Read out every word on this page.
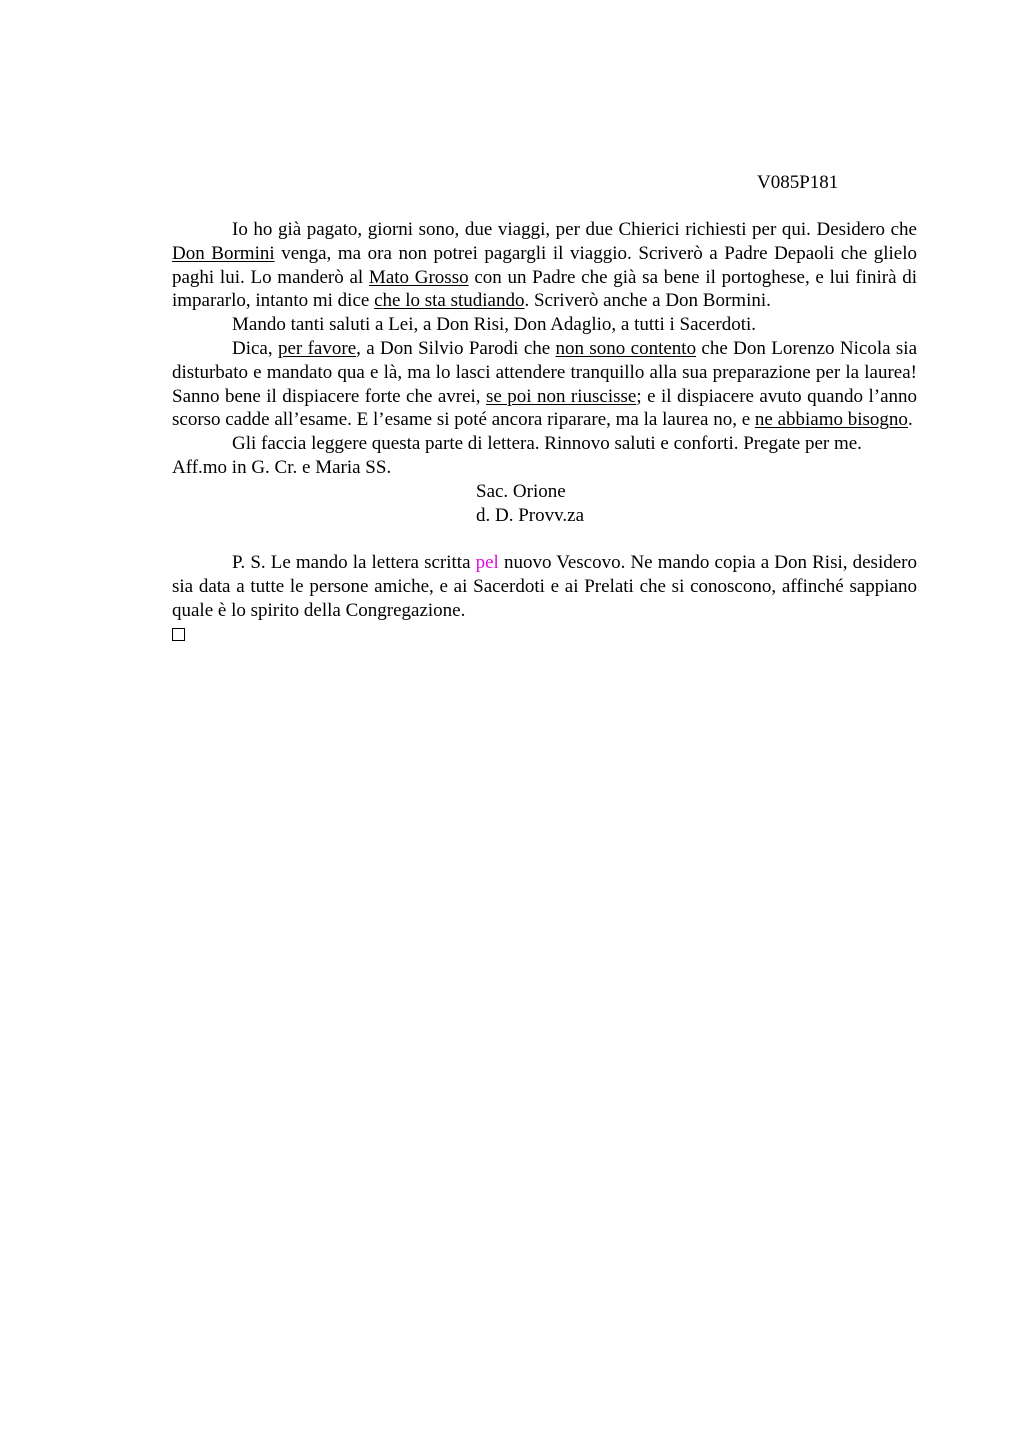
V085P181

Io ho già pagato, giorni sono, due viaggi, per due Chierici richiesti per qui. Desidero che Don Bormini venga, ma ora non potrei pagargli il viaggio. Scriverò a Padre Depaoli che glielo paghi lui. Lo manderò al Mato Grosso con un Padre che già sa bene il portoghese, e lui finirà di impararlo, intanto mi dice che lo sta studiando. Scriverò anche a Don Bormini.

Mando tanti saluti a Lei, a Don Risi, Don Adaglio, a tutti i Sacerdoti.

Dica, per favore, a Don Silvio Parodi che non sono contento che Don Lorenzo Nicola sia disturbato e mandato qua e là, ma lo lasci attendere tranquillo alla sua preparazione per la laurea! Sanno bene il dispiacere forte che avrei, se poi non riuscisse; e il dispiacere avuto quando l’anno scorso cadde all’esame. E l’esame si poté ancora riparare, ma la laurea no, e ne abbiamo bisogno.

Gli faccia leggere questa parte di lettera. Rinnovo saluti e conforti. Pregate per me. Aff.mo in G. Cr. e Maria SS.

Sac. Orione
d. D. Provv.za

P. S. Le mando la lettera scritta pel nuovo Vescovo. Ne mando copia a Don Risi, desidero sia data a tutte le persone amiche, e ai Sacerdoti e ai Prelati che si conoscono, affinché sappiano quale è lo spirito della Congregazione.
